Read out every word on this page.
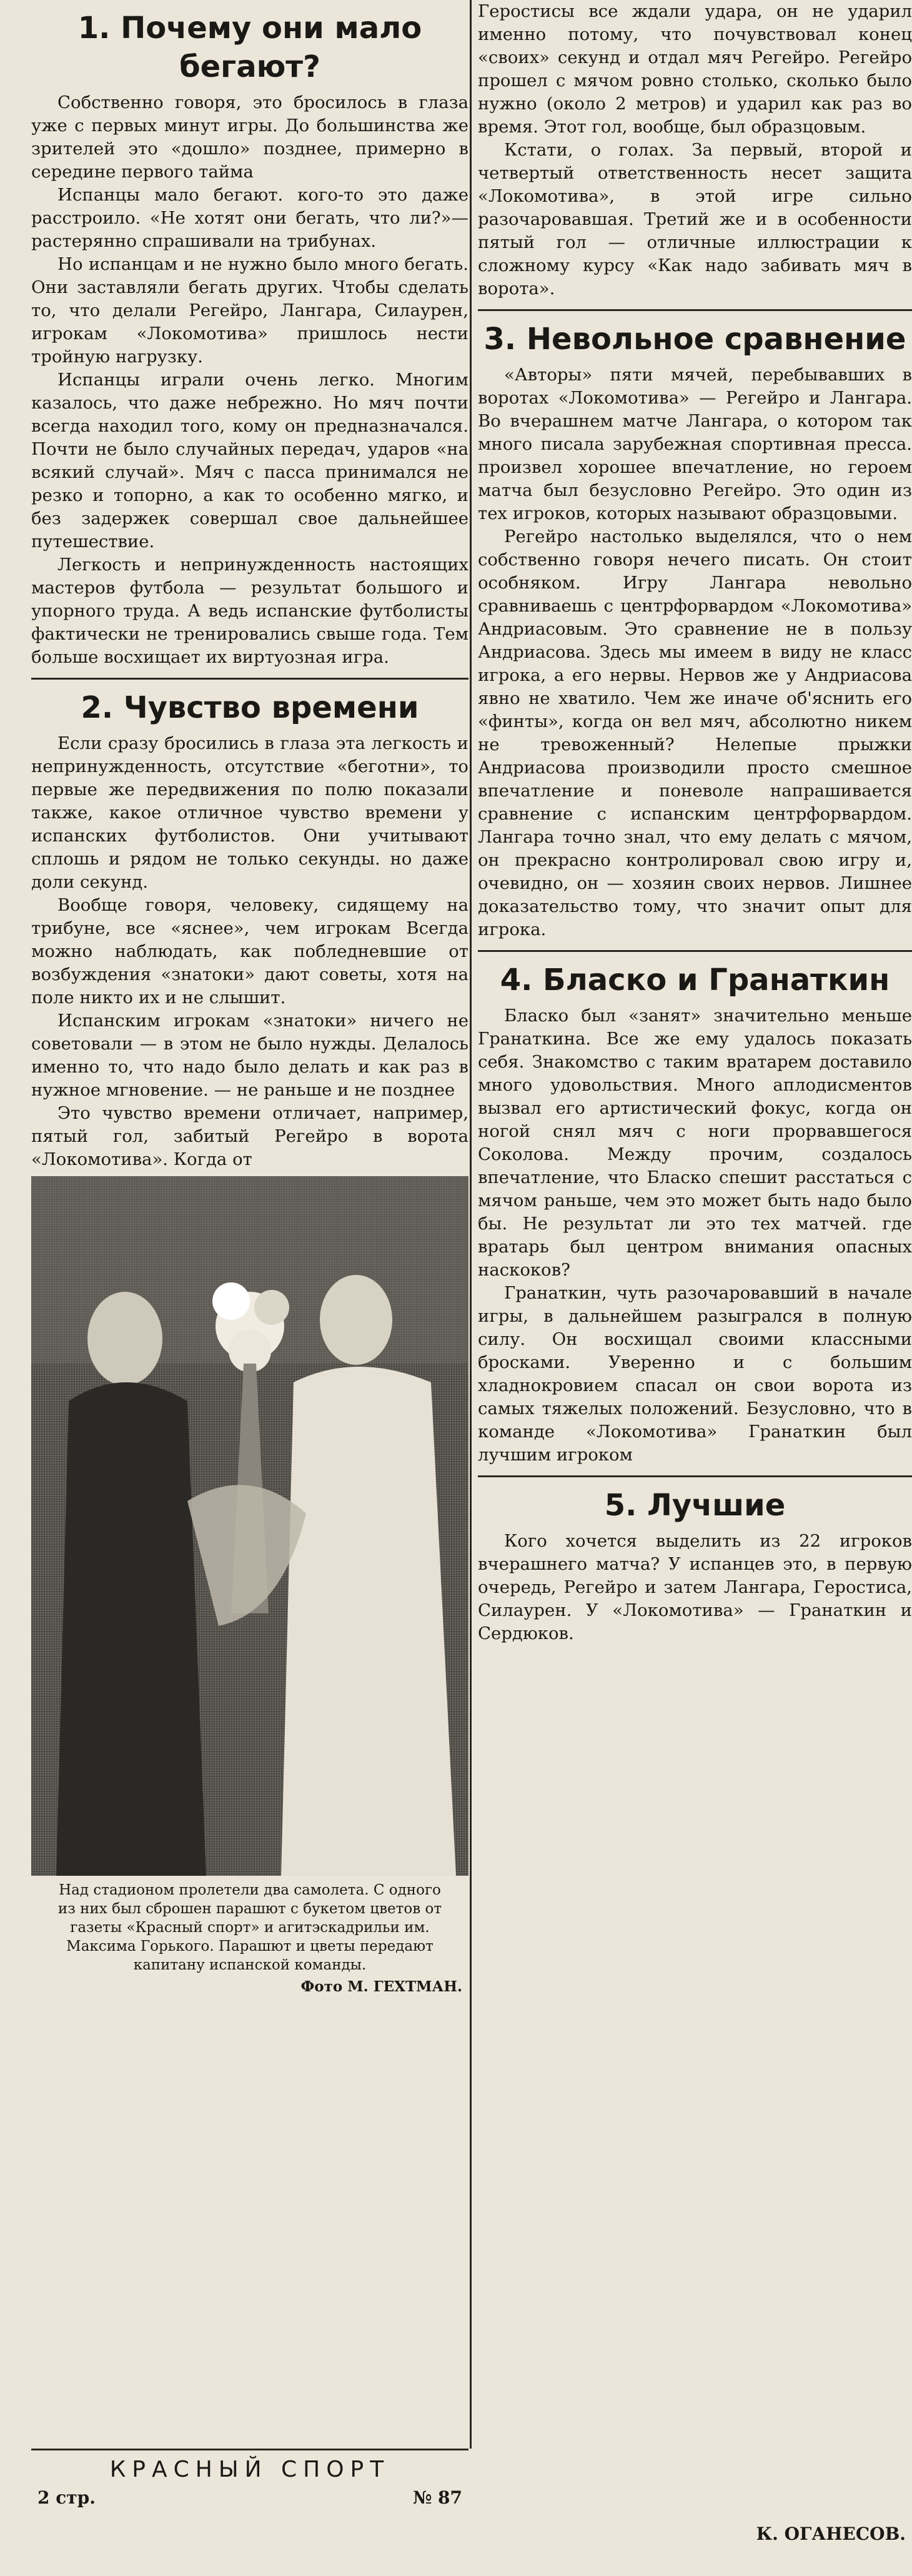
1. Почему они мало бегают?

Собственно говоря, это бросилось в глаза уже с первых минут игры. До большинства же зрителей это «дошло» позднее, примерно в середине первого тайма

Испанцы мало бегают. кого-то это даже расстроило. «Не хотят они бегать, что ли?»—растерянно спрашивали на трибунах.

Но испанцам и не нужно было много бегать. Они заставляли бегать других. Чтобы сделать то, что делали Регейро, Лангара, Силаурен, игрокам «Локомотива» пришлось нести тройную нагрузку.

Испанцы играли очень легко. Многим казалось, что даже небрежно. Но мяч почти всегда находил того, кому он предназначался. Почти не было случайных передач, ударов «на всякий случай». Мяч с пасса принимался не резко и топорно, а как то особенно мягко, и без задержек совершал свое дальнейшее путешествие.

Легкость и непринужденность настоящих мастеров футбола — результат большого и упорного труда. А ведь испанские футболисты фактически не тренировались свыше года. Тем больше восхищает их виртуозная игра.

2. Чувство времени

Если сразу бросились в глаза эта легкость и непринужденность, отсутствие «беготни», то первые же передвижения по полю показали также, какое отличное чувство времени у испанских футболистов. Они учитывают сплошь и рядом не только секунды. но даже доли секунд.

Вообще говоря, человеку, сидящему на трибуне, все «яснее», чем игрокам Всегда можно наблюдать, как побледневшие от возбуждения «знатоки» дают советы, хотя на поле никто их и не слышит.

Испанским игрокам «знатоки» ничего не советовали — в этом не было нужды. Делалось именно то, что надо было делать и как раз в нужное мгновение. — не раньше и не позднее

Это чувство времени отличает, например, пятый гол, забитый Регейро в ворота «Локомотива». Когда от

Над стадионом пролетели два самолета. С одного из них был сброшен парашют с букетом цветов от газеты «Красный спорт» и агитэскадрильи им. Максима Горького. Парашют и цветы передают капитану испанской команды.
Фото М. ГЕХТМАН.

Героcтисы все ждали удара, он не ударил именно потому, что почувствовал конец «своих» секунд и отдал мяч Регейро. Регейро прошел с мячом ровно столько, сколько было нужно (около 2 метров) и ударил как раз во время. Этот гол, вообще, был образцовым.

Кстати, о голах. За первый, второй и четвертый ответственность несет защита «Локомотива», в этой игре сильно разочаровавшая. Третий же и в особенности пятый гол — отличные иллюстрации к сложному курсу «Как надо забивать мяч в ворота».

3. Невольное сравнение

«Авторы» пяти мячей, перебывавших в воротах «Локомотива» — Регейро и Лангара. Во вчерашнем матче Лангара, о котором так много писала зарубежная спортивная пресса. произвел хорошее впечатление, но героем матча был безусловно Регейро. Это один из тех игроков, которых называют образцовыми.

Регейро настолько выделялся, что о нем собственно говоря нечего писать. Он стоит особняком. Игру Лангара невольно сравниваешь с центрфорвардом «Локомотива» Андриасовым. Это сравнение не в пользу Андриасова. Здесь мы имеем в виду не класс игрока, а его нервы. Нервов же у Андриасова явно не хватило. Чем же иначе об'яснить его «финты», когда он вел мяч, абсолютно никем не тревоженный? Нелепые прыжки Андриасова производили просто смешное впечатление и поневоле напрашивается сравнение с испанским центрфорвардом. Лангара точно знал, что ему делать с мячом, он прекрасно контролировал свою игру и, очевидно, он — хозяин своих нервов. Лишнее доказательство тому, что значит опыт для игрока.

4. Бласко и Гранаткин

Бласко был «занят» значительно меньше Гранаткина. Все же ему удалось показать себя. Знакомство с таким вратарем доставило много удовольствия. Много аплодисментов вызвал его артистический фокус, когда он ногой снял мяч с ноги прорвавшегося Соколова. Между прочим, создалось впечатление, что Бласко спешит расстаться с мячом раньше, чем это может быть надо было бы. Не результат ли это тех матчей. где вратарь был центром внимания опасных наскоков?

Гранаткин, чуть разочаровавший в начале игры, в дальнейшем разыгрался в полную силу. Он восхищал своими классными бросками. Уверенно и с большим хладнокровием спасал он свои ворота из самых тяжелых положений. Безусловно, что в команде «Локомотива» Гранаткин был лучшим игроком

5. Лучшие

Кого хочется выделить из 22 игроков вчерашнего матча? У испанцев это, в первую очередь, Регейро и затем Лангара, Героcтиса, Силаурен. У «Локомотива» — Гранаткин и Сердюков.

КРАСНЫЙ СПОРТ
2 стр.	№ 87
К. ОГАНЕСОВ.
